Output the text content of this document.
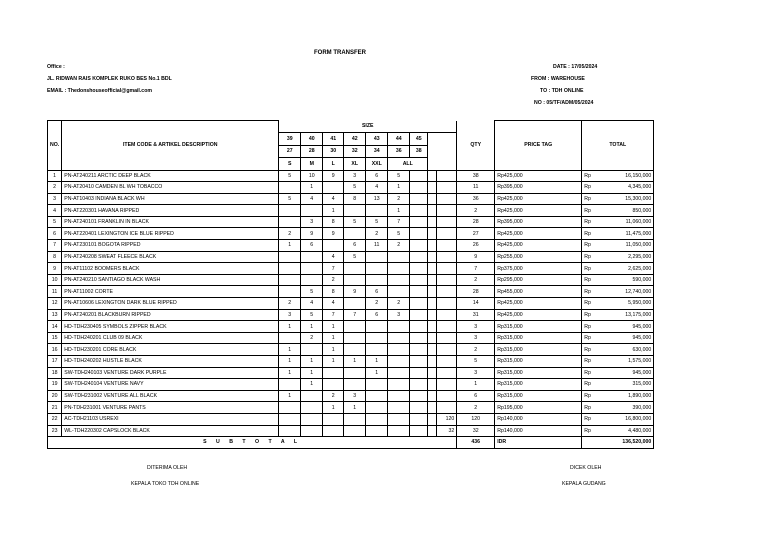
FORM TRANSFER
Office :
JL. RIDWAN RAIS KOMPLEK RUKO BES No.1 BDL
EMAIL : Thedonshouseofficial@gmail.com
DATE : 17/05/2024
FROM : WAREHOUSE
TO : TDH ONLINE
NO : 05/TF/ADM/05/2024
NO.	ITEM CODE & ARTIKEL DESCRIPTION	SIZE									QTY	PRICE TAG	TOTAL	
		39	40	41	42	43	44	45						
		27	28	30	32	34	36	38						
		S	M	L	XL	XXL	ALL							
1	PN-AT240211 ARCTIC DEEP BLACK	5	10	9	3	6	5				38	Rp425,000	Rp	16,150,000
2	PN-AT20410 CAMDEN BL WH TOBACCO		1		5	4	1				11	Rp395,000	Rp	4,345,000
3	PN-AT10403 INDIANA BLACK WH	5	4	4	8	13	2				36	Rp425,000	Rp	15,300,000
4	PN-AT220301 HAVANA RIPPED			1			1				2	Rp425,000	Rp	850,000
5	PN-AT240101 FRANKLIN IN BLACK		3	8	5	5	7				28	Rp395,000	Rp	11,060,000
6	PN-AT220401 LEXINGTON ICE BLUE RIPPED	2	9	9		2	5				27	Rp425,000	Rp	11,475,000
7	PN-AT230101 BOGOTA RIPPED	1	6		6	11	2				26	Rp425,000	Rp	11,050,000
8	PN-AT240208 SWEAT FLEECE BLACK			4	5						9	Rp255,000	Rp	2,295,000
9	PN-AT11102 BOOMERS BLACK			7							7	Rp375,000	Rp	2,625,000
10	PN-AT240210 SANTIAGO BLACK WASH			2							2	Rp295,000	Rp	590,000
11	PN-AT11002 CORTE		5	8	9	6					28	Rp455,000	Rp	12,740,000
12	PN-AT10606 LEXINGTON DARK BLUE RIPPED	2	4	4		2	2				14	Rp425,000	Rp	5,950,000
13	PN-AT240201 BLACKBURN RIPPED	3	5	7	7	6	3				31	Rp425,000	Rp	13,175,000
14	HD-TDH230405 SYMBOLS ZIPPER BLACK	1	1	1							3	Rp315,000	Rp	945,000
15	HD-TDH240201 CLUB 09 BLACK		2	1							3	Rp315,000	Rp	945,000
16	HD-TDH230201 CORE BLACK	1		1							2	Rp315,000	Rp	630,000
17	HD-TDH240202 HUSTLE BLACK	1	1	1	1	1					5	Rp315,000	Rp	1,575,000
18	SW-TDH240103 VENTURE DARK PURPLE	1	1			1					3	Rp315,000	Rp	945,000
19	SW-TDH240104 VENTURE NAVY		1								1	Rp315,000	Rp	315,000
20	SW-TDH231002 VENTURE ALL BLACK	1		2	3						6	Rp315,000	Rp	1,890,000
21	PN-TDH231001 VENTURE PANTS			1	1						2	Rp195,000	Rp	390,000
22	AC-TDH21103 USREXI									120	120	Rp140,000	Rp	16,800,000
23	WL-TDH220302 CAPSLOCK BLACK									32	32	Rp140,000	Rp	4,480,000
S U B T O T A L											436	IDR	136,520,000	
DITERIMA OLEH
KEPALA TOKO TDH ONLINE
DICEK OLEH
KEPALA GUDANG
